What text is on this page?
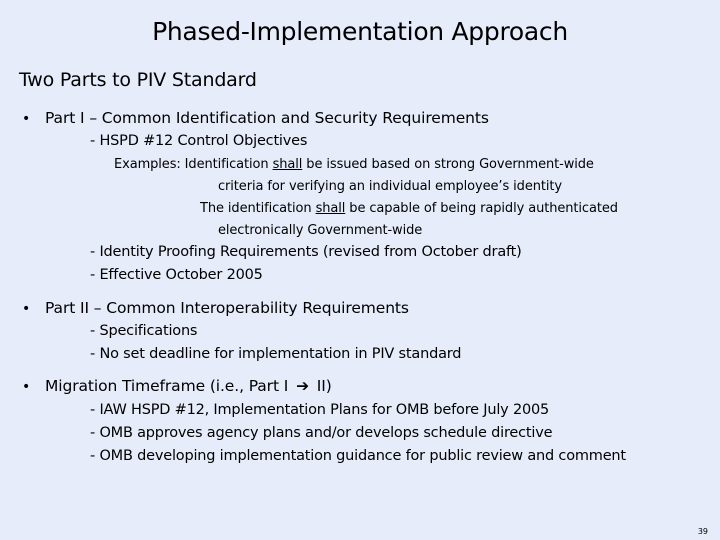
Phased-Implementation Approach
Two Parts to PIV Standard
• Part I – Common Identification and Security Requirements
- HSPD #12 Control Objectives
Examples: Identification shall be issued based on strong Government-wide
criteria for verifying an individual employee’s identity
The identification shall be capable of being rapidly authenticated
electronically Government-wide
- Identity Proofing Requirements (revised from October draft)
- Effective October 2005
• Part II – Common Interoperability Requirements
- Specifications
- No set deadline for implementation in PIV standard
• Migration Timeframe (i.e., Part I ➔ II)
- IAW HSPD #12, Implementation Plans for OMB before July 2005
- OMB approves agency plans and/or develops schedule directive
- OMB developing implementation guidance for public review and comment
39
